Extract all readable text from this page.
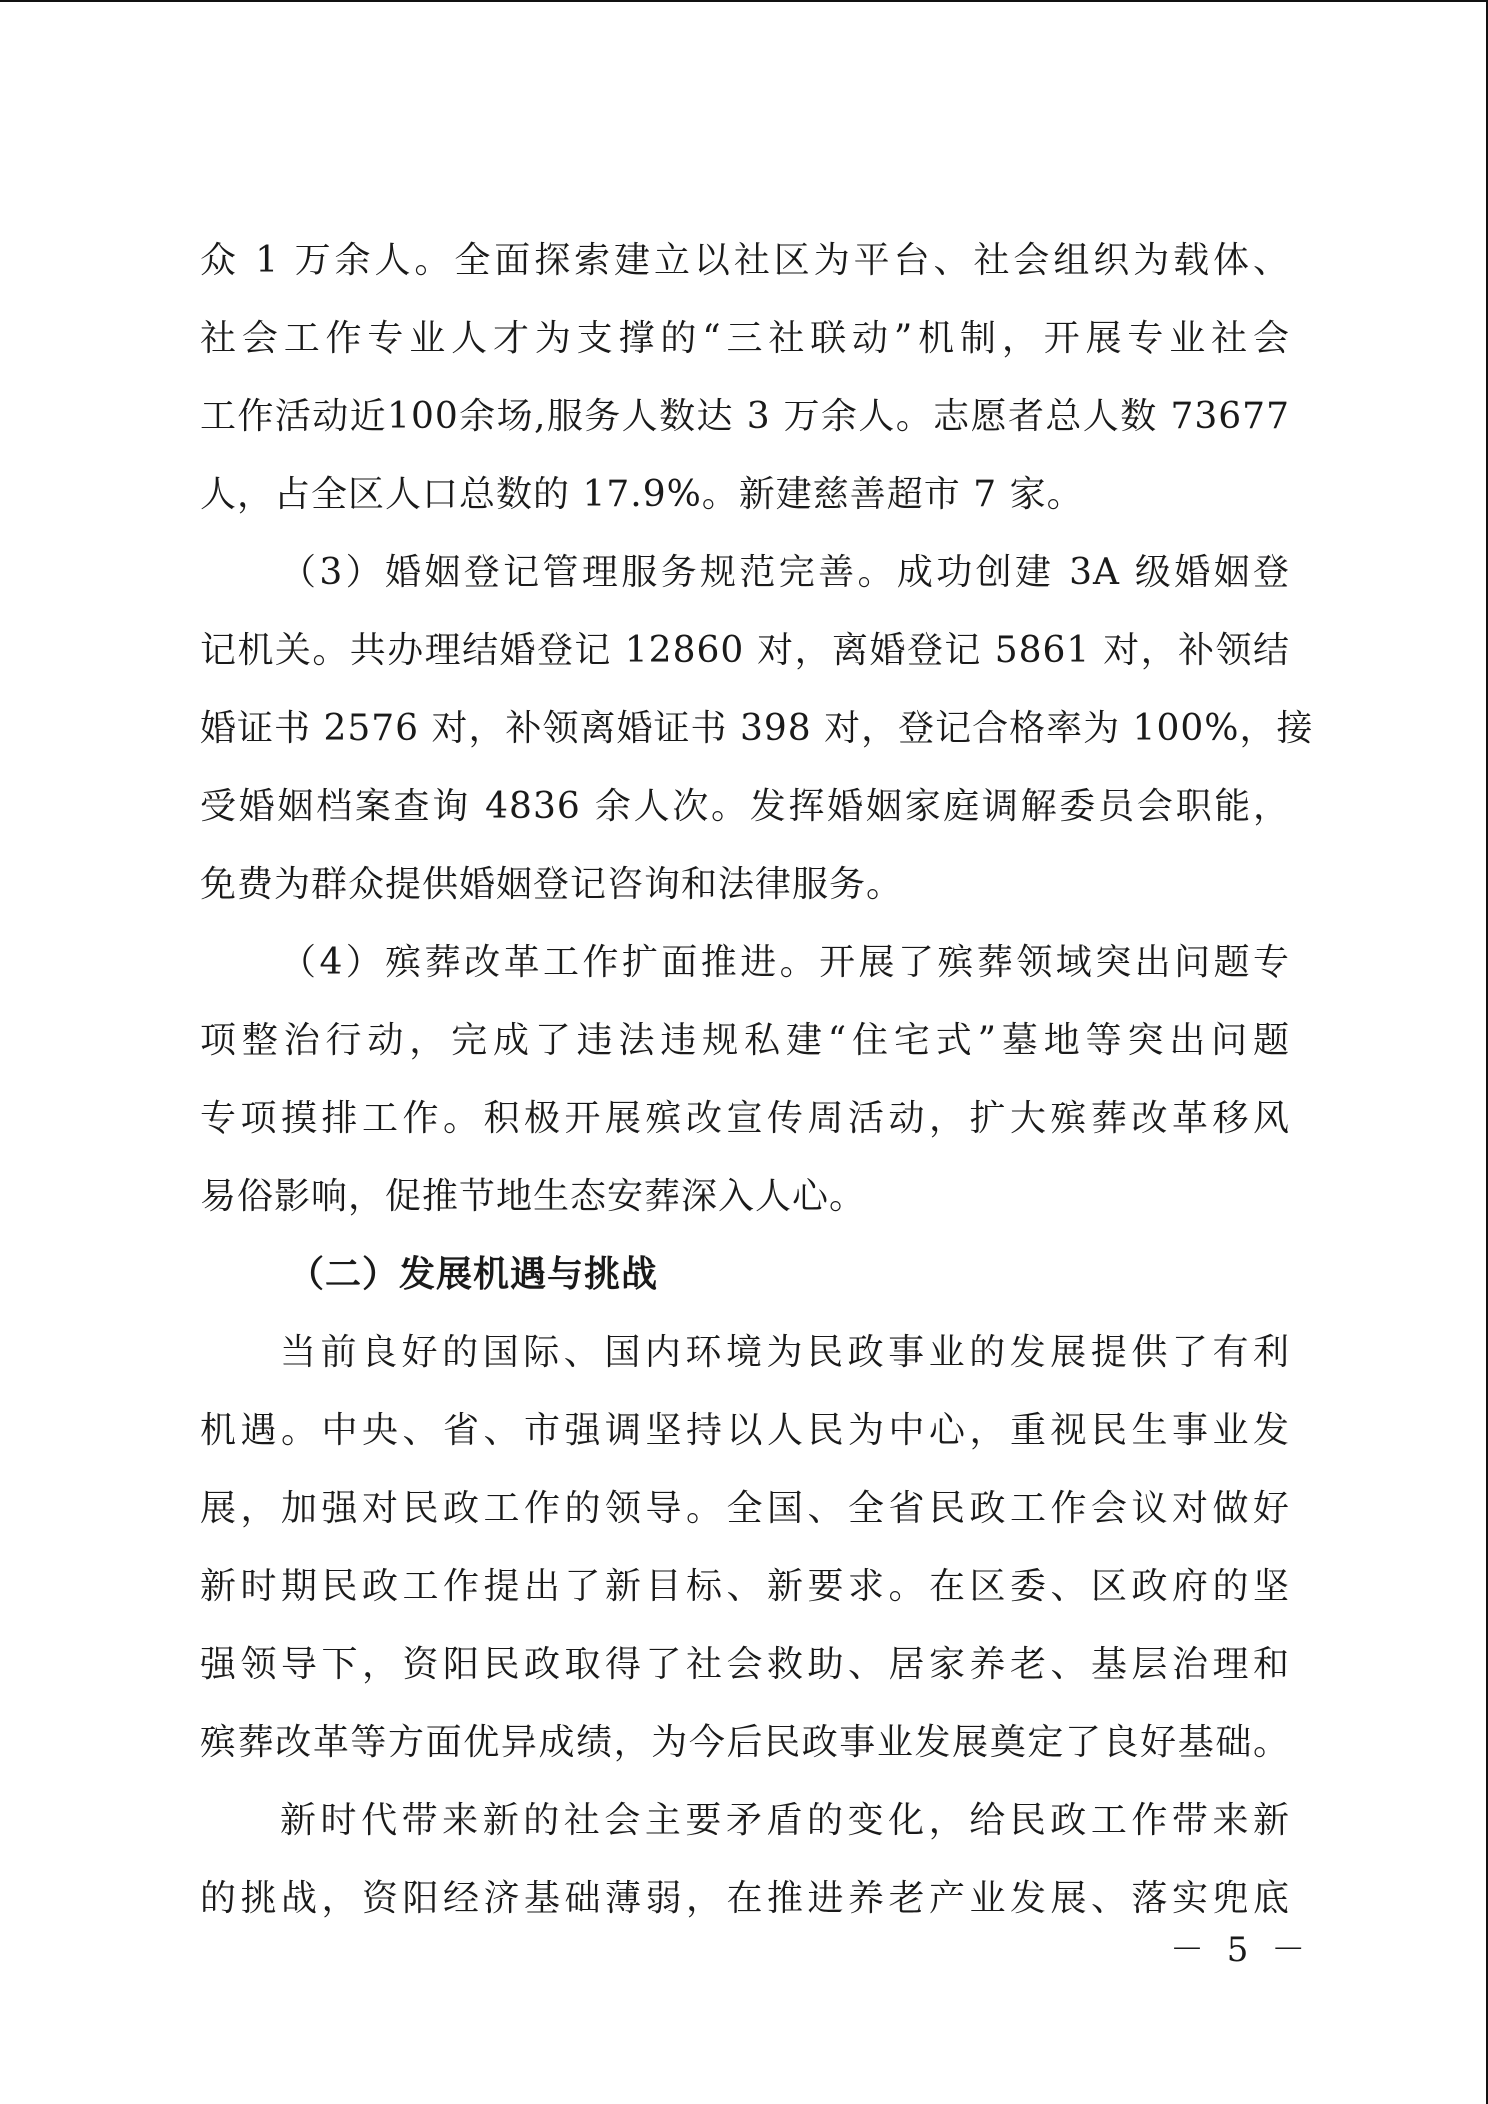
众 1 万余人。全面探索建立以社区为平台、社会组织为载体、
社会工作专业人才为支撑的“三社联动”机制，开展专业社会
工作活动近100余场,服务人数达 3 万余人。志愿者总人数 73677
人，占全区人口总数的 17.9%。新建慈善超市 7 家。
（3）婚姻登记管理服务规范完善。成功创建 3A 级婚姻登
记机关。共办理结婚登记 12860 对，离婚登记 5861 对，补领结
婚证书 2576 对，补领离婚证书 398 对，登记合格率为 100%，接
受婚姻档案查询 4836 余人次。发挥婚姻家庭调解委员会职能，
免费为群众提供婚姻登记咨询和法律服务。
（4）殡葬改革工作扩面推进。开展了殡葬领域突出问题专
项整治行动，完成了违法违规私建“住宅式”墓地等突出问题
专项摸排工作。积极开展殡改宣传周活动，扩大殡葬改革移风
易俗影响，促推节地生态安葬深入人心。
（二）发展机遇与挑战
当前良好的国际、国内环境为民政事业的发展提供了有利
机遇。中央、省、市强调坚持以人民为中心，重视民生事业发
展，加强对民政工作的领导。全国、全省民政工作会议对做好
新时期民政工作提出了新目标、新要求。在区委、区政府的坚
强领导下，资阳民政取得了社会救助、居家养老、基层治理和
殡葬改革等方面优异成绩，为今后民政事业发展奠定了良好基础。
新时代带来新的社会主要矛盾的变化，给民政工作带来新
的挑战，资阳经济基础薄弱，在推进养老产业发展、落实兜底
－ 5 －
